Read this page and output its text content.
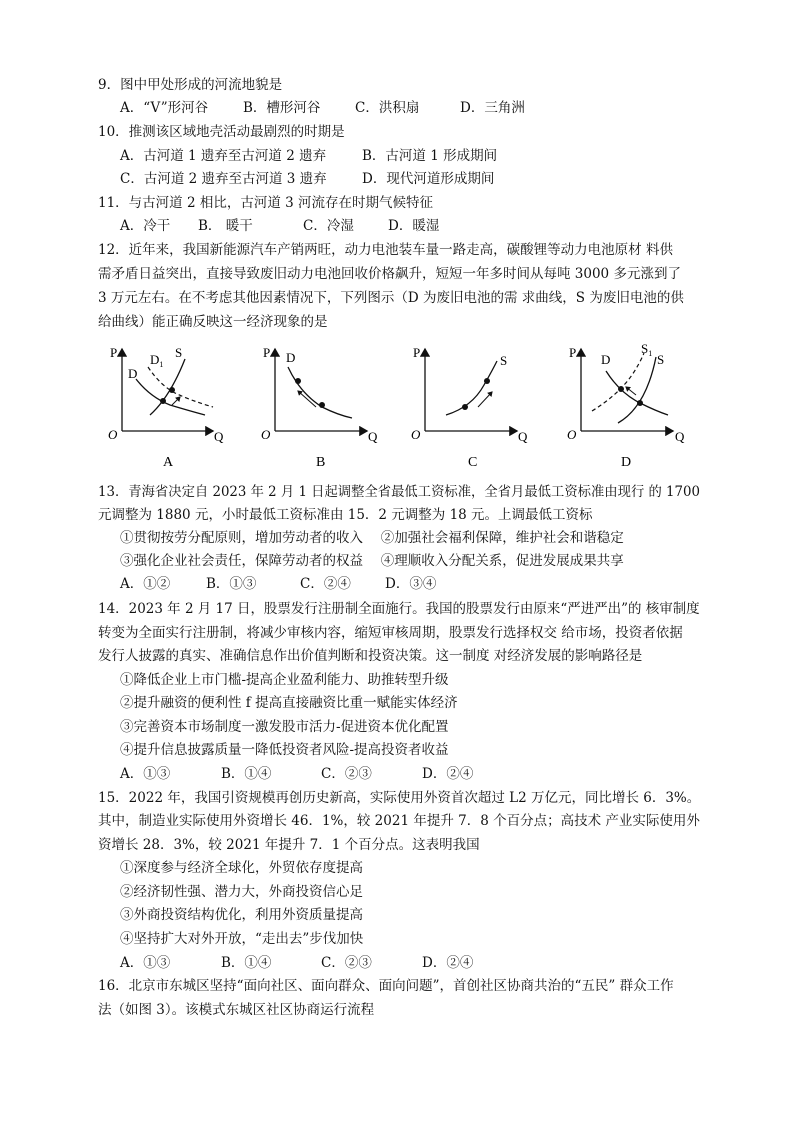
9．图中甲处形成的河流地貌是
A．“V”形河谷	B．槽形河谷	C．洪积扇	D．三角洲
10．推测该区域地壳活动最剧烈的时期是
A．古河道 1 遗弃至古河道 2 遗弃	B．古河道 1 形成期间
C．古河道 2 遗弃至古河道 3 遗弃	D．现代河道形成期间
11．与古河道 2 相比，古河道 3 河流存在时期气候特征
A．冷干 B． 暖干	C．冷湿	D．暖湿
12．近年来，我国新能源汽车产销两旺，动力电池装车量一路走高，碳酸锂等动力电池原材 料供
需矛盾日益突出，直接导致废旧动力电池回收价格飙升，短短一年多时间从每吨 3000 多元涨到了
3 万元左右。在不考虑其他因素情况下，下列图示（D 为废旧电池的需 求曲线，S 为废旧电池的供
给曲线）能正确反映这一经济现象的是
P
Q
O
D
$D_1$
S
A
P
Q
O
D
B
P
Q
O
S
C
P
Q
O
D
$S_1$ S
D
13．青海省决定自 2023 年 2 月 1 日起调整全省最低工资标准，全省月最低工资标准由现行 的 1700
元调整为 1880 元，小时最低工资标准由 15．2 元调整为 18 元。上调最低工资标
①贯彻按劳分配原则，增加劳动者的收入　 ②加强社会福利保障，维护社会和谐稳定
③强化企业社会责任，保障劳动者的权益　 ④理顺收入分配关系，促进发展成果共享
A．①②	B．①③	C．②④	D．③④
14．2023 年 2 月 17 日，股票发行注册制全面施行。我国的股票发行由原来“严进严出”的 核审制度
转变为全面实行注册制，将减少审核内容，缩短审核周期，股票发行选择权交 给市场，投资者依据
发行人披露的真实、准确信息作出价值判断和投资决策。这一制度 对经济发展的影响路径是
①降低企业上市门槛-提高企业盈利能力、助推转型升级
②提升融资的便利性 f 提高直接融资比重一赋能实体经济
③完善资本市场制度一激发股市活力-促进资本优化配置
④提升信息披露质量一降低投资者风险-提高投资者收益
A．①③	B．①④	C．②③	D．②④
15．2022 年，我国引资规模再创历史新高，实际使用外资首次超过 L2 万亿元，同比增长 6．3%。
其中，制造业实际使用外资增长 46．1%，较 2021 年提升 7．8 个百分点；高技术 产业实际使用外
资增长 28．3%，较 2021 年提升 7．1 个百分点。这表明我国
①深度参与经济全球化，外贸依存度提高
②经济韧性强、潜力大，外商投资信心足
③外商投资结构优化，利用外资质量提高
④坚持扩大对外开放，“走出去”步伐加快
A．①③	B．①④	C．②③	D．②④
16．北京市东城区坚持“面向社区、面向群众、面向问题”，首创社区协商共治的“五民” 群众工作
法（如图 3）。该模式东城区社区协商运行流程
